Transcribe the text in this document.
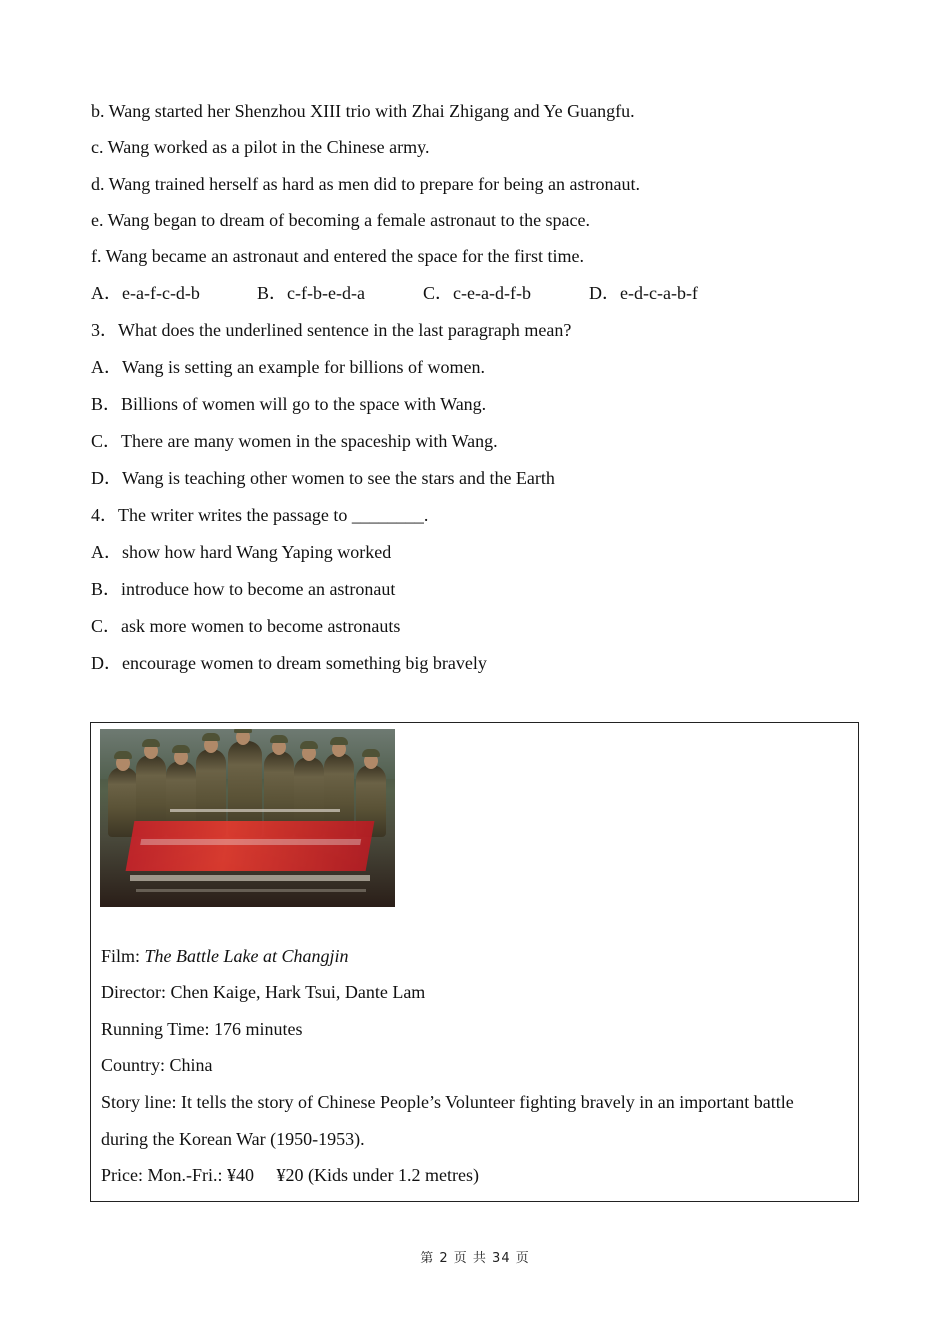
b. Wang started her Shenzhou XIII trio with Zhai Zhigang and Ye Guangfu.
c. Wang worked as a pilot in the Chinese army.
d. Wang trained herself as hard as men did to prepare for being an astronaut.
e. Wang began to dream of becoming a female astronaut to the space.
f. Wang became an astronaut and entered the space for the first time.
A．e-a-f-c-d-b	B．c-f-b-e-d-a	C．c-e-a-d-f-b	D．e-d-c-a-b-f
3．What does the underlined sentence in the last paragraph mean?
A．Wang is setting an example for billions of women.
B．Billions of women will go to the space with Wang.
C．There are many women in the spaceship with Wang.
D．Wang is teaching other women to see the stars and the Earth
4．The writer writes the passage to ________.
A．show how hard Wang Yaping worked
B．introduce how to become an astronaut
C．ask more women to become astronauts
D．encourage women to dream something big bravely
Film: The Battle Lake at Changjin
Director: Chen Kaige, Hark Tsui, Dante Lam
Running Time: 176 minutes
Country: China
Story line: It tells the story of Chinese People’s Volunteer fighting bravely in an important battle
during the Korean War (1950-1953).
Price: Mon.-Fri.: ¥40     ¥20 (Kids under 1.2 metres)
第 2 页 共 34 页
